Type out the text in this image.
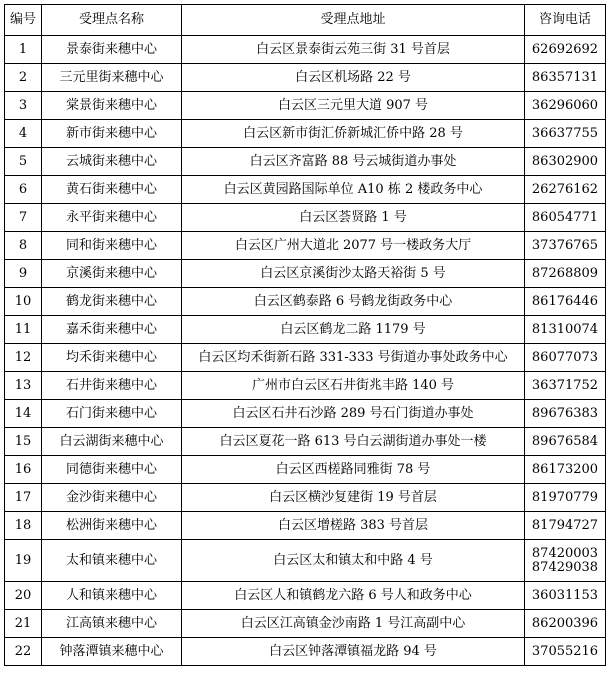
编号	受理点名称	受理点地址	咨询电话
1	景泰街来穗中心	白云区景泰街云苑三街 31 号首层	62692692

2	三元里街来穗中心	白云区机场路 22 号	86357131

3	棠景街来穗中心	白云区三元里大道 907 号	36296060

4	新市街来穗中心	白云区新市街汇侨新城汇侨中路 28 号	36637755

5	云城街来穗中心	白云区齐富路 88 号云城街道办事处	86302900

6	黄石街来穗中心	白云区黄园路国际单位 A10 栋 2 楼政务中心	26276162

7	永平街来穗中心	白云区荟贤路 1 号	86054771

8	同和街来穗中心	白云区广州大道北 2077 号一楼政务大厅	37376765

9	京溪街来穗中心	白云区京溪街沙太路天裕街 5 号	87268809

10	鹤龙街来穗中心	白云区鹤泰路 6 号鹤龙街政务中心	86176446

11	嘉禾街来穗中心	白云区鹤龙二路 1179 号	81310074

12	均禾街来穗中心	白云区均禾街新石路 331-333 号街道办事处政务中心	86077073

13	石井街来穗中心	广州市白云区石井街兆丰路 140 号	36371752

14	石门街来穗中心	白云区石井石沙路 289 号石门街道办事处	89676383

15	白云湖街来穗中心	白云区夏花一路 613 号白云湖街道办事处一楼	89676584

16	同德街来穗中心	白云区西槎路同雅街 78 号	86173200

17	金沙街来穗中心	白云区横沙复建街 19 号首层	81970779

18	松洲街来穗中心	白云区增槎路 383 号首层	81794727

19	太和镇来穗中心	白云区太和镇太和中路 4 号	87420003
87429038

20	人和镇来穗中心	白云区人和镇鹤龙六路 6 号人和政务中心	36031153

21	江高镇来穗中心	白云区江高镇金沙南路 1 号江高副中心	86200396

22	钟落潭镇来穗中心	白云区钟落潭镇福龙路 94 号	37055216
